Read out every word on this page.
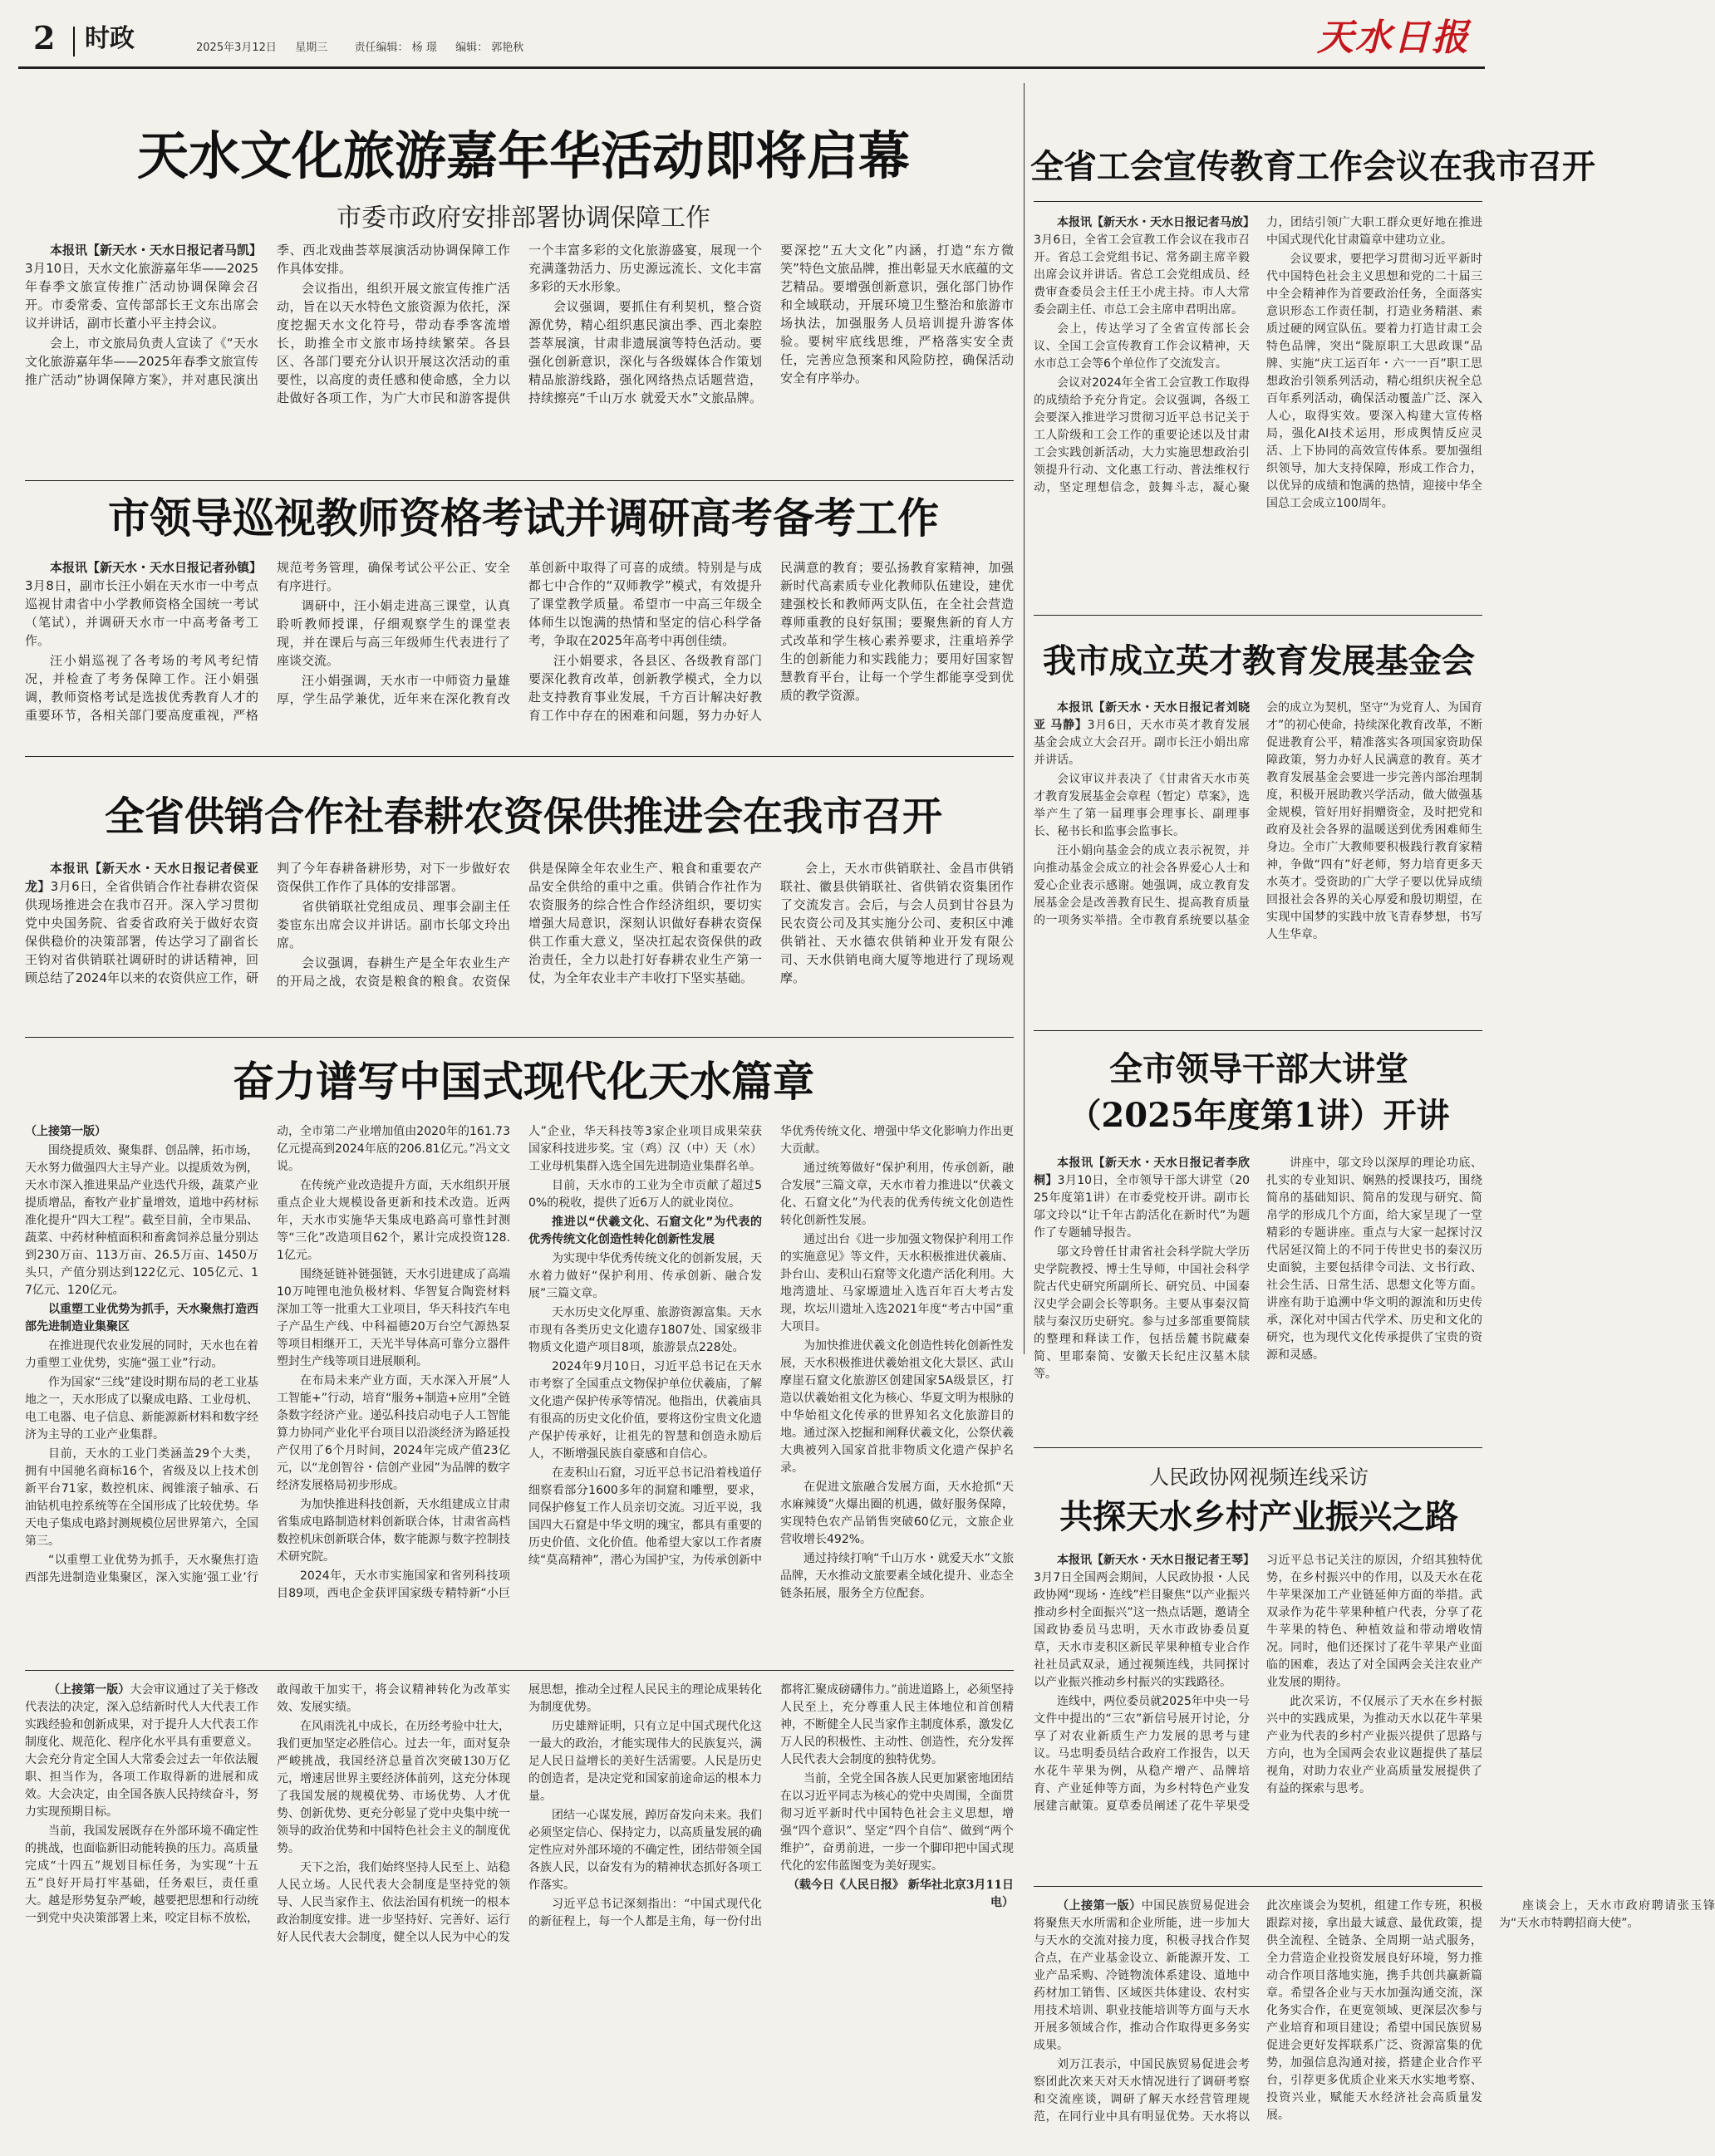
2 时政	2025年3月12日 星期三 责任编辑： 杨 璟 编辑： 郭艳秋	天水日报
天水文化旅游嘉年华活动即将启幕
市委市政府安排部署协调保障工作

本报讯【新天水・天水日报记者马凯】3月10日，天水文化旅游嘉年华——2025年春季文旅宣传推广活动协调保障会召开。市委常委、宣传部部长王文东出席会议并讲话，副市长董小平主持会议。

会上，市文旅局负责人宣读了《“天水文化旅游嘉年华——2025年春季文旅宣传推广活动”协调保障方案》，并对惠民演出季、西北戏曲荟萃展演活动协调保障工作作具体安排。

会议指出，组织开展文旅宣传推广活动，旨在以天水特色文旅资源为依托，深度挖掘天水文化符号，带动春季客流增长，助推全市文旅市场持续繁荣。各县区、各部门要充分认识开展这次活动的重要性，以高度的责任感和使命感，全力以赴做好各项工作，为广大市民和游客提供一个丰富多彩的文化旅游盛宴，展现一个充满蓬勃活力、历史源远流长、文化丰富多彩的天水形象。

会议强调，要抓住有利契机，整合资源优势，精心组织惠民演出季、西北秦腔荟萃展演，甘肃非遗展演等特色活动。要强化创新意识，深化与各级媒体合作策划精品旅游线路，强化网络热点话题营造，持续擦亮“千山万水 就爱天水”文旅品牌。要深挖“五大文化”内涵，打造“东方微笑”特色文旅品牌，推出彰显天水底蕴的文艺精品。要增强创新意识，强化部门协作和全域联动，开展环境卫生整治和旅游市场执法，加强服务人员培训提升游客体验。要树牢底线思维，严格落实安全责任，完善应急预案和风险防控，确保活动安全有序举办。

市领导巡视教师资格考试并调研高考备考工作

本报讯【新天水・天水日报记者孙镇】3月8日，副市长汪小娟在天水市一中考点巡视甘肃省中小学教师资格全国统一考试（笔试），并调研天水市一中高考备考工作。

汪小娟巡视了各考场的考风考纪情况，并检查了考务保障工作。汪小娟强调，教师资格考试是选拔优秀教育人才的重要环节，各相关部门要高度重视，严格规范考务管理，确保考试公平公正、安全有序进行。

调研中，汪小娟走进高三课堂，认真聆听教师授课，仔细观察学生的课堂表现，并在课后与高三年级师生代表进行了座谈交流。

汪小娟强调，天水市一中师资力量雄厚，学生品学兼优，近年来在深化教育改革创新中取得了可喜的成绩。特别是与成都七中合作的“双师教学”模式，有效提升了课堂教学质量。希望市一中高三年级全体师生以饱满的热情和坚定的信心科学备考，争取在2025年高考中再创佳绩。

汪小娟要求，各县区、各级教育部门要深化教育改革，创新教学模式，全力以赴支持教育事业发展，千方百计解决好教育工作中存在的困难和问题，努力办好人民满意的教育；要弘扬教育家精神，加强新时代高素质专业化教师队伍建设，建优建强校长和教师两支队伍，在全社会营造尊师重教的良好氛围；要聚焦新的育人方式改革和学生核心素养要求，注重培养学生的创新能力和实践能力；要用好国家智慧教育平台，让每一个学生都能享受到优质的教学资源。

全省供销合作社春耕农资保供推进会在我市召开

本报讯【新天水・天水日报记者侯亚龙】3月6日，全省供销合作社春耕农资保供现场推进会在我市召开。深入学习贯彻党中央国务院、省委省政府关于做好农资保供稳价的决策部署，传达学习了副省长王钧对省供销联社调研时的讲话精神，回顾总结了2024年以来的农资供应工作，研判了今年春耕备耕形势，对下一步做好农资保供工作作了具体的安排部署。

省供销联社党组成员、理事会副主任娄宦东出席会议并讲话。副市长邬文玲出席。

会议强调，春耕生产是全年农业生产的开局之战，农资是粮食的粮食。农资保供是保障全年农业生产、粮食和重要农产品安全供给的重中之重。供销合作社作为农资服务的综合性合作经济组织，要切实增强大局意识，深刻认识做好春耕农资保供工作重大意义，坚决扛起农资保供的政治责任，全力以赴打好春耕农业生产第一仗，为全年农业丰产丰收打下坚实基础。

会上，天水市供销联社、金昌市供销联社、徽县供销联社、省供销农资集团作了交流发言。会后，与会人员到甘谷县为民农资公司及其实施分公司、麦积区中滩供销社、天水德农供销种业开发有限公司、天水供销电商大厦等地进行了现场观摩。

奋力谱写中国式现代化天水篇章

（上接第一版）

围绕提质效、聚集群、创品牌，拓市场，天水努力做强四大主导产业。以提质效为例，天水市深入推进果品产业迭代升级，蔬菜产业提质增品，畜牧产业扩量增效，道地中药材标准化提升“四大工程”。截至目前，全市果品、蔬菜、中药材种植面积和畜禽饲养总量分别达到230万亩、113万亩、26.5万亩、1450万头只，产值分别达到122亿元、105亿元、17亿元、120亿元。

以重塑工业优势为抓手，天水聚焦打造西部先进制造业集聚区

在推进现代农业发展的同时，天水也在着力重塑工业优势，实施“强工业”行动。

作为国家“三线”建设时期布局的老工业基地之一，天水形成了以聚成电路、工业母机、电工电器、电子信息、新能源新材料和数字经济为主导的工业产业集群。

目前，天水的工业门类涵盖29个大类，拥有中国驰名商标16个，省级及以上技术创新平台71家，数控机床、阀锥滚子轴承、石油钻机电控系统等在全国形成了比较优势。华天电子集成电路封测规模位居世界第六，全国第三。

“以重塑工业优势为抓手，天水聚焦打造西部先进制造业集聚区，深入实施‘强工业’行动，全市第二产业增加值由2020年的161.73亿元提高到2024年底的206.81亿元。”冯文文说。

在传统产业改造提升方面，天水组织开展重点企业大规模设备更新和技术改造。近两年，天水市实施华天集成电路高可靠性封测等“三化”改造项目62个，累计完成投资128.1亿元。

围绕延链补链强链，天水引进建成了高端10万吨锂电池负极材料、华智复合陶瓷材料深加工等一批重大工业项目，华天科技汽车电子产品生产线、中科福德20万台空气源热泵等项目相继开工，天光半导体高可靠分立器件塑封生产线等项目进展顺利。

在布局未来产业方面，天水深入开展“人工智能+”行动，培育“服务+制造+应用”全链条数字经济产业。递弘科技启动电子人工智能算力协同产业化平台项目以沿淡经济为路延投产仅用了6个月时间，2024年完成产值23亿元，以“龙创智谷・信创产业园”为品牌的数字经济发展格局初步形成。

为加快推进科技创新，天水组建成立甘肃省集成电路制造材料创新联合体，甘肃省高档数控机床创新联合体，数字能源与数字控制技术研究院。

2024年，天水市实施国家和省列科技项目89项，西电企金获评国家级专精特新“小巨人”企业，华天科技等3家企业项目成果荣获国家科技进步奖。宝（鸡）汉（中）天（水）工业母机集群入选全国先进制造业集群名单。

目前，天水市的工业为全市贡献了超过50%的税收，提供了近6万人的就业岗位。

推进以“伏羲文化、石窟文化”为代表的优秀传统文化创造性转化创新性发展

为实现中华优秀传统文化的创新发展，天水着力做好“保护利用、传承创新、融合发展”三篇文章。

天水历史文化厚重、旅游资源富集。天水市现有各类历史文化遗存1807处、国家级非物质文化遗产项目8项，旅游景点228处。

2024年9月10日，习近平总书记在天水市考察了全国重点文物保护单位伏羲庙，了解文化遗产保护传承等情况。他指出，伏羲庙具有很高的历史文化价值，要将这份宝贵文化遗产保护传承好，让祖先的智慧和创造永励后人，不断增强民族自豪感和自信心。

在麦积山石窟，习近平总书记沿着栈道仔细察看部分1600多年的洞窟和雕塑，要求，同保护修复工作人员亲切交流。习近平说，我国四大石窟是中华文明的瑰宝，都具有重要的历史价值、文化价值。他希望大家以工作者赓续“莫高精神”，潜心为国护宝，为传承创新中华优秀传统文化、增强中华文化影响力作出更大贡献。

通过统筹做好“保护利用，传承创新，融合发展”三篇文章，天水市着力推进以“伏羲文化、石窟文化”为代表的优秀传统文化创造性转化创新性发展。

通过出台《进一步加强文物保护利用工作的实施意见》等文件，天水积极推进伏羲庙、卦台山、麦积山石窟等文化遗产活化利用。大地湾遗址、马家塬遗址入选百年百大考古发现，坎坛川遗址入选2021年度“考古中国”重大项目。

为加快推进伏羲文化创造性转化创新性发展，天水积极推进伏羲始祖文化大景区、武山摩崖石窟文化旅游区创建国家5A级景区，打造以伏羲始祖文化为核心、华夏文明为根脉的中华始祖文化传承的世界知名文化旅游目的地。通过深入挖掘和阐释伏羲文化，公祭伏羲大典被列入国家首批非物质文化遗产保护名录。

在促进文旅融合发展方面，天水抢抓“天水麻辣烫”火爆出圈的机遇，做好服务保障，实现特色农产品销售突破60亿元，文旅企业营收增长492%。

通过持续打响“千山万水・就爱天水”文旅品牌，天水推动文旅要素全域化提升、业态全链条拓展，服务全方位配套。

（上接第一版）大会审议通过了关于修改代表法的决定，深入总结新时代人大代表工作实践经验和创新成果，对于提升人大代表工作制度化、规范化、程序化水平具有重要意义。大会充分肯定全国人大常委会过去一年依法履职、担当作为，各项工作取得新的进展和成效。大会决定，由全国各族人民持续奋斗，努力实现预期目标。

当前，我国发展既存在外部环境不确定性的挑战，也面临新旧动能转换的压力。高质量完成“十四五”规划目标任务，为实现“十五五”良好开局打牢基础，任务艰巨，责任重大。越是形势复杂严峻，越要把思想和行动统一到党中央决策部署上来，咬定目标不放松，敢闯敢干加实干，将会议精神转化为改革实效、发展实绩。

在风雨洗礼中成长，在历经考验中壮大，我们更加坚定必胜信心。过去一年，面对复杂严峻挑战，我国经济总量首次突破130万亿元，增速居世界主要经济体前列，这充分体现了我国发展的规模优势、市场优势、人才优势、创新优势、更充分彰显了党中央集中统一领导的政治优势和中国特色社会主义的制度优势。

天下之治，我们始终坚持人民至上、站稳人民立场。人民代表大会制度是坚持党的领导、人民当家作主、依法治国有机统一的根本政治制度安排。进一步坚持好、完善好、运行好人民代表大会制度，健全以人民为中心的发展思想，推动全过程人民民主的理论成果转化为制度优势。

历史雄辩证明，只有立足中国式现代化这一最大的政治，才能实现伟大的民族复兴，满足人民日益增长的美好生活需要。人民是历史的创造者，是决定党和国家前途命运的根本力量。

团结一心谋发展，踔厉奋发向未来。我们必须坚定信心、保持定力，以高质量发展的确定性应对外部环境的不确定性，团结带领全国各族人民，以奋发有为的精神状态抓好各项工作落实。

习近平总书记深刻指出：“中国式现代化的新征程上，每一个人都是主角，每一份付出都将汇聚成磅礴伟力。”前进道路上，必须坚持人民至上，充分尊重人民主体地位和首创精神，不断健全人民当家作主制度体系，激发亿万人民的积极性、主动性、创造性，充分发挥人民代表大会制度的独特优势。

当前，全党全国各族人民更加紧密地团结在以习近平同志为核心的党中央周围，全面贯彻习近平新时代中国特色社会主义思想，增强“四个意识”、坚定“四个自信”、做到“两个维护”，奋勇前进，一步一个脚印把中国式现代化的宏伟蓝图变为美好现实。

（载今日《人民日报》 新华社北京3月11日电）

全省工会宣传教育工作会议在我市召开

本报讯【新天水・天水日报记者马放】3月6日，全省工会宣教工作会议在我市召开。省总工会党组书记、常务副主席辛毅出席会议并讲话。省总工会党组成员、经费审查委员会主任王小虎主持。市人大常委会副主任、市总工会主席申君明出席。

会上，传达学习了全省宣传部长会议、全国工会宣传教育工作会议精神，天水市总工会等6个单位作了交流发言。

会议对2024年全省工会宣教工作取得的成绩给予充分肯定。会议强调，各级工会要深入推进学习贯彻习近平总书记关于工人阶级和工会工作的重要论述以及甘肃工会实践创新活动，大力实施思想政治引领提升行动、文化惠工行动、普法维权行动，坚定理想信念，鼓舞斗志，凝心聚力，团结引领广大职工群众更好地在推进中国式现代化甘肃篇章中建功立业。

会议要求，要把学习贯彻习近平新时代中国特色社会主义思想和党的二十届三中全会精神作为首要政治任务，全面落实意识形态工作责任制，打造业务精湛、素质过硬的网宣队伍。要着力打造甘肃工会特色品牌，突出“陇原职工大思政课”品牌、实施“庆工运百年・六一一百”职工思想政治引领系列活动，精心组织庆祝全总百年系列活动，确保活动覆盖广泛、深入人心，取得实效。要深入构建大宣传格局，强化AI技术运用，形成舆情反应灵活、上下协同的高效宣传体系。要加强组织领导，加大支持保障，形成工作合力，以优异的成绩和饱满的热情，迎接中华全国总工会成立100周年。

我市成立英才教育发展基金会

本报讯【新天水・天水日报记者刘晓亚 马静】3月6日，天水市英才教育发展基金会成立大会召开。副市长汪小娟出席并讲话。

会议审议并表决了《甘肃省天水市英才教育发展基金会章程（暂定）草案》，选举产生了第一届理事会理事长、副理事长、秘书长和监事会监事长。

汪小娟向基金会的成立表示祝贺，并向推动基金会成立的社会各界爱心人士和爱心企业表示感谢。她强调，成立教育发展基金会是改善教育民生、提高教育质量的一项务实举措。全市教育系统要以基金会的成立为契机，坚守“为党育人、为国育才”的初心使命，持续深化教育改革，不断促进教育公平，精准落实各项国家资助保障政策，努力办好人民满意的教育。英才教育发展基金会要进一步完善内部治理制度，积极开展助教兴学活动，做大做强基金规模，管好用好捐赠资金，及时把党和政府及社会各界的温暖送到优秀困难师生身边。全市广大教师要积极践行教育家精神，争做“四有”好老师，努力培育更多天水英才。受资助的广大学子要以优异成绩回报社会各界的关心厚爱和殷切期望，在实现中国梦的实践中放飞青春梦想，书写人生华章。

全市领导干部大讲堂
（2025年度第1讲）开讲

本报讯【新天水・天水日报记者李欣桐】3月10日，全市领导干部大讲堂（2025年度第1讲）在市委党校开讲。副市长邬文玲以“让千年古韵活化在新时代”为题作了专题辅导报告。

邬文玲曾任甘肃省社会科学院大学历史学院教授、博士生导师，中国社会科学院古代史研究所副所长、研究员、中国秦汉史学会副会长等职务。主要从事秦汉简牍与秦汉历史研究。参与过多部重要简牍的整理和释读工作，包括岳麓书院藏秦简、里耶秦简、安徽天长纪庄汉墓木牍等。

讲座中，邬文玲以深厚的理论功底、扎实的专业知识、娴熟的授课技巧，围绕简帛的基础知识、简帛的发现与研究、简帛学的形成几个方面，给大家呈现了一堂精彩的专题讲座。重点与大家一起探讨汉代居延汉简上的不同于传世史书的秦汉历史面貌，主要包括律令司法、文书行政、社会生活、日常生活、思想文化等方面。讲座有助于追溯中华文明的源流和历史传承，深化对中国古代学术、历史和文化的研究，也为现代文化传承提供了宝贵的资源和灵感。

人民政协网视频连线采访
共探天水乡村产业振兴之路

本报讯【新天水・天水日报记者王琴】3月7日全国两会期间，人民政协报・人民政协网“现场・连线”栏目聚焦“以产业振兴推动乡村全面振兴”这一热点话题，邀请全国政协委员马忠明，天水市政协委员夏草，天水市麦积区新民苹果种植专业合作社社员武双录，通过视频连线，共同探讨以产业振兴推动乡村振兴的实践路径。

连线中，两位委员就2025年中央一号文件中提出的“三农”新信号展开讨论，分享了对农业新质生产力发展的思考与建议。马忠明委员结合政府工作报告，以天水花牛苹果为例，从稳产增产、品牌培育、产业延伸等方面，为乡村特色产业发展建言献策。夏草委员阐述了花牛苹果受习近平总书记关注的原因，介绍其独特优势，在乡村振兴中的作用，以及天水在花牛苹果深加工产业链延伸方面的举措。武双录作为花牛苹果种植户代表，分享了花牛苹果的特色、种植效益和带动增收情况。同时，他们还探讨了花牛苹果产业面临的困难，表达了对全国两会关注农业产业发展的期待。

此次采访，不仅展示了天水在乡村振兴中的实践成果，为推动天水以花牛苹果产业为代表的乡村产业振兴提供了思路与方向，也为全国两会农业议题提供了基层视角，对助力农业产业高质量发展提供了有益的探索与思考。

（上接第一版）中国民族贸易促进会将聚焦天水所需和企业所能，进一步加大与天水的交流对接力度，积极寻找合作契合点，在产业基金设立、新能源开发、工业产品采购、冷链物流体系建设、道地中药材加工销售、区域医共体建设、农村实用技术培训、职业技能培训等方面与天水开展多领域合作，推动合作取得更多务实成果。

刘万江表示，中国民族贸易促进会考察团此次来天对天水情况进行了调研考察和交流座谈，调研了解天水经营管理规范，在同行业中具有明显优势。天水将以此次座谈会为契机，组建工作专班，积极跟踪对接，拿出最大诚意、最优政策，提供全流程、全链条、全周期一站式服务，全力营造企业投资发展良好环境，努力推动合作项目落地实施，携手共创共赢新篇章。希望各企业与天水加强沟通交流，深化务实合作，在更宽领域、更深层次参与产业培育和项目建设；希望中国民族贸易促进会更好发挥联系广泛、资源富集的优势，加强信息沟通对接，搭建企业合作平台，引荐更多优质企业来天水实地考察、投资兴业，赋能天水经济社会高质量发展。

座谈会上，天水市政府聘请张玉锋为“天水市特聘招商大使”。
